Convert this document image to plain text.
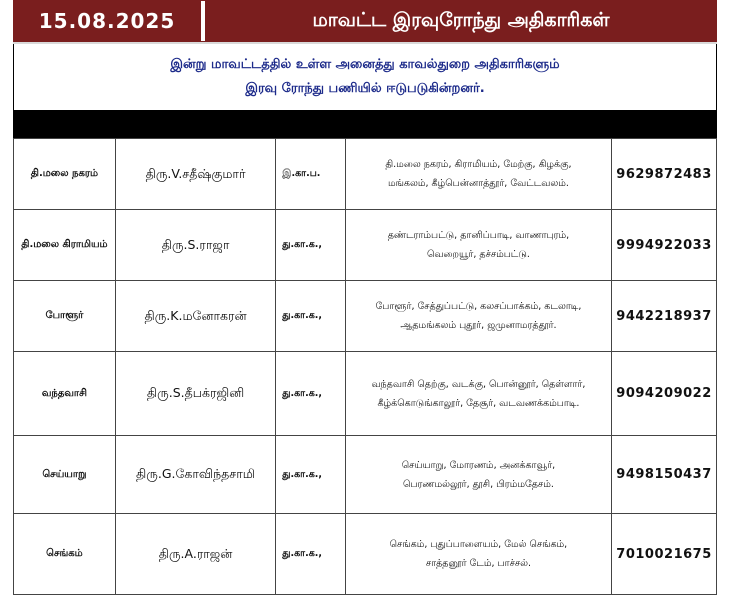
15.08.2025	மாவட்ட இரவுரோந்து அதிகாரிகள்
இன்று மாவட்டத்தில் உள்ள அனைத்து காவல்துறை அதிகாரிகளும்
இரவு ரோந்து பணியில் ஈடுபடுகின்றனர்.
தி.மலை நகரம்	திரு.V.சதீஷ்குமார்	இ.கா.ப.	தி.மலை நகரம், கிராமியம், மேற்கு, கிழக்கு,
மங்கலம், கீழ்பென்னாத்தூர், வேட்டவலம்.	9629872483
தி.மலை கிராமியம்	திரு.S.ராஜா	து.கா.க.,	தண்டராம்பட்டு, தானிப்பாடி, வாணாபுரம்,
வெறையூர், தச்சம்பட்டு.	9994922033
போளூர்	திரு.K.மனோகரன்	து.கா.க.,	போளூர், சேத்துப்பட்டு, கலசப்பாக்கம், கடலாடி,
ஆதமங்கலம் புதூர், ஜமுனாமரத்தூர்.	9442218937
வந்தவாசி	திரு.S.தீபக்ரஜினி	து.கா.க.,	வந்தவாசி தெற்கு, வடக்கு, பொன்னூர், தெள்ளார்,
கீழ்க்கொடுங்காலூர், தேசூர், வடவணக்கம்பாடி.	9094209022
செய்யாறு	திரு.G.கோவிந்தசாமி	து.கா.க.,	செய்யாறு, மோரணம், அனக்காவூர்,
பெரணமல்லூர், தூசி, பிரம்மதேசம்.	9498150437
செங்கம்	திரு.A.ராஜன்	து.கா.க.,	செங்கம், புதுப்பாளையம், மேல் செங்கம்,
சாத்தனூர் டேம், பாச்சல்.	7010021675
